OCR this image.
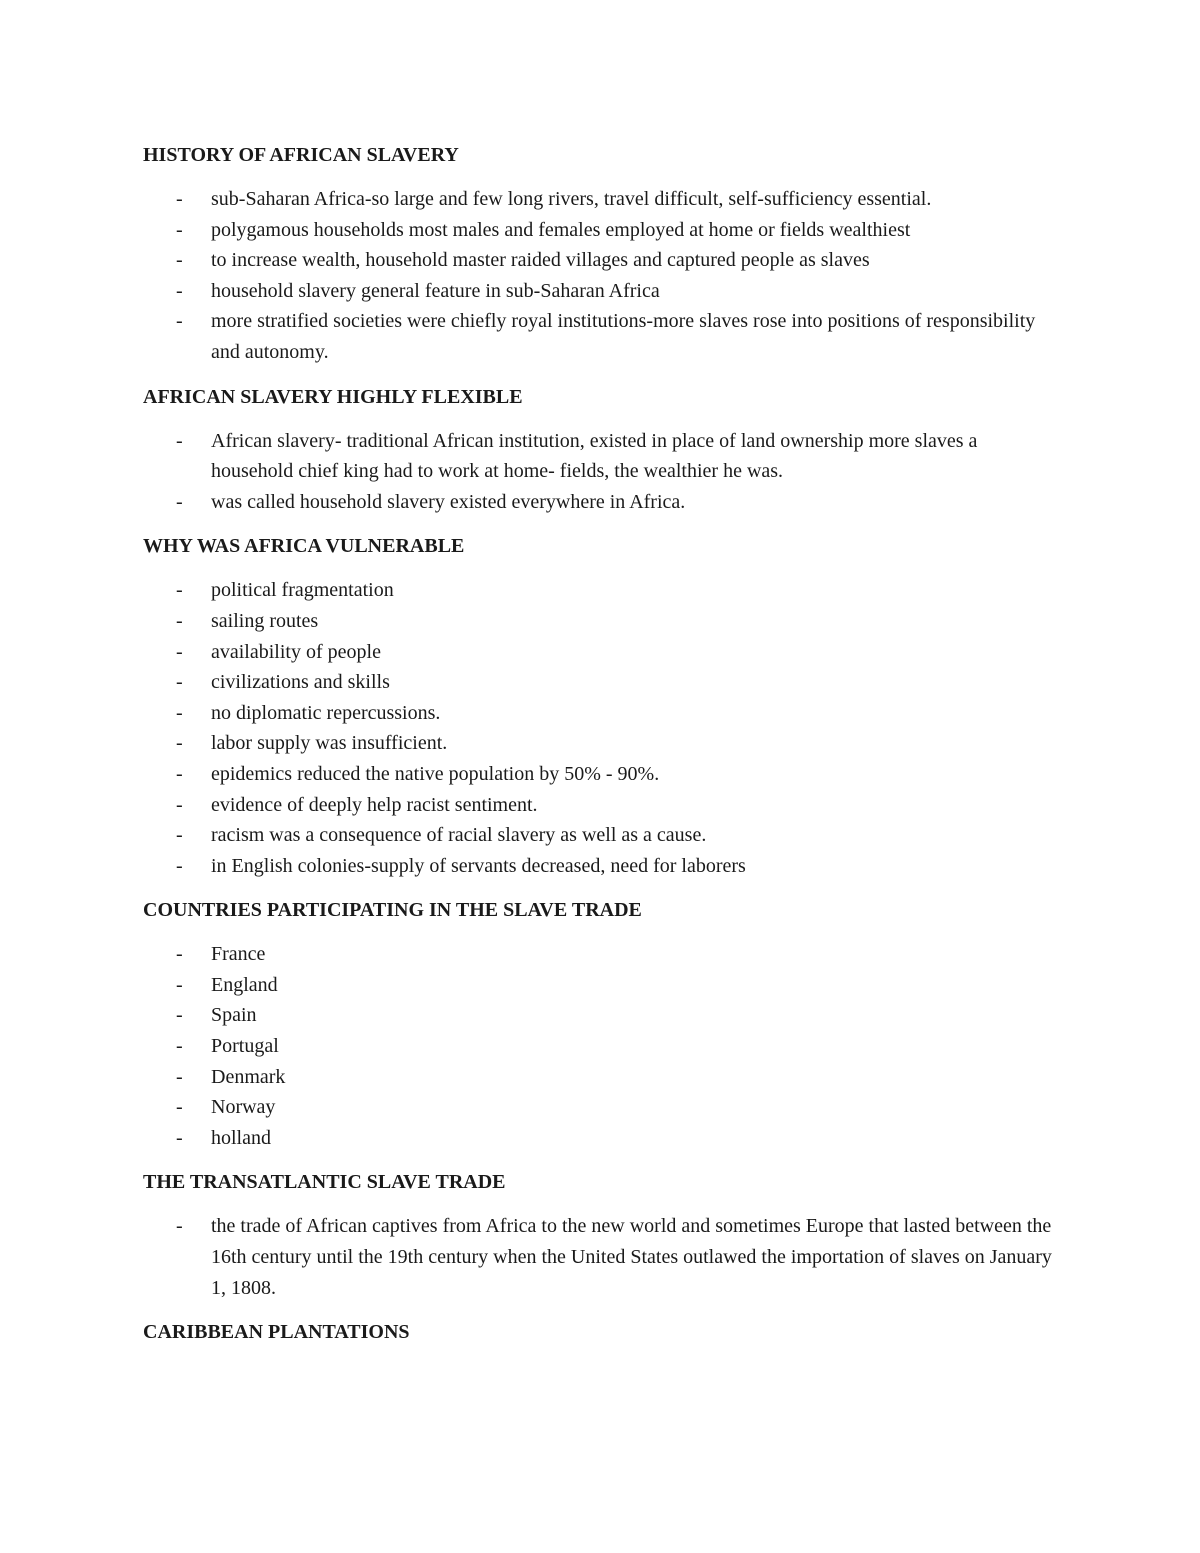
HISTORY OF AFRICAN SLAVERY
- sub-Saharan Africa-so large and few long rivers, travel difficult, self-sufficiency essential.
- polygamous households most males and females employed at home or fields wealthiest
- to increase wealth, household master raided villages and captured people as slaves
- household slavery general feature in sub-Saharan Africa
- more stratified societies were chiefly royal institutions-more slaves rose into positions of responsibility and autonomy.
AFRICAN SLAVERY HIGHLY FLEXIBLE
- African slavery- traditional African institution, existed in place of land ownership more slaves a household chief king had to work at home- fields, the wealthier he was.
- was called household slavery existed everywhere in Africa.
WHY WAS AFRICA VULNERABLE
- political fragmentation
- sailing routes
- availability of people
- civilizations and skills
- no diplomatic repercussions.
- labor supply was insufficient.
- epidemics reduced the native population by 50% - 90%.
- evidence of deeply help racist sentiment.
- racism was a consequence of racial slavery as well as a cause.
- in English colonies-supply of servants decreased, need for laborers
COUNTRIES PARTICIPATING IN THE SLAVE TRADE
- France
- England
- Spain
- Portugal
- Denmark
- Norway
- holland
THE TRANSATLANTIC SLAVE TRADE
- the trade of African captives from Africa to the new world and sometimes Europe that lasted between the 16th century until the 19th century when the United States outlawed the importation of slaves on January 1, 1808.
CARIBBEAN PLANTATIONS
